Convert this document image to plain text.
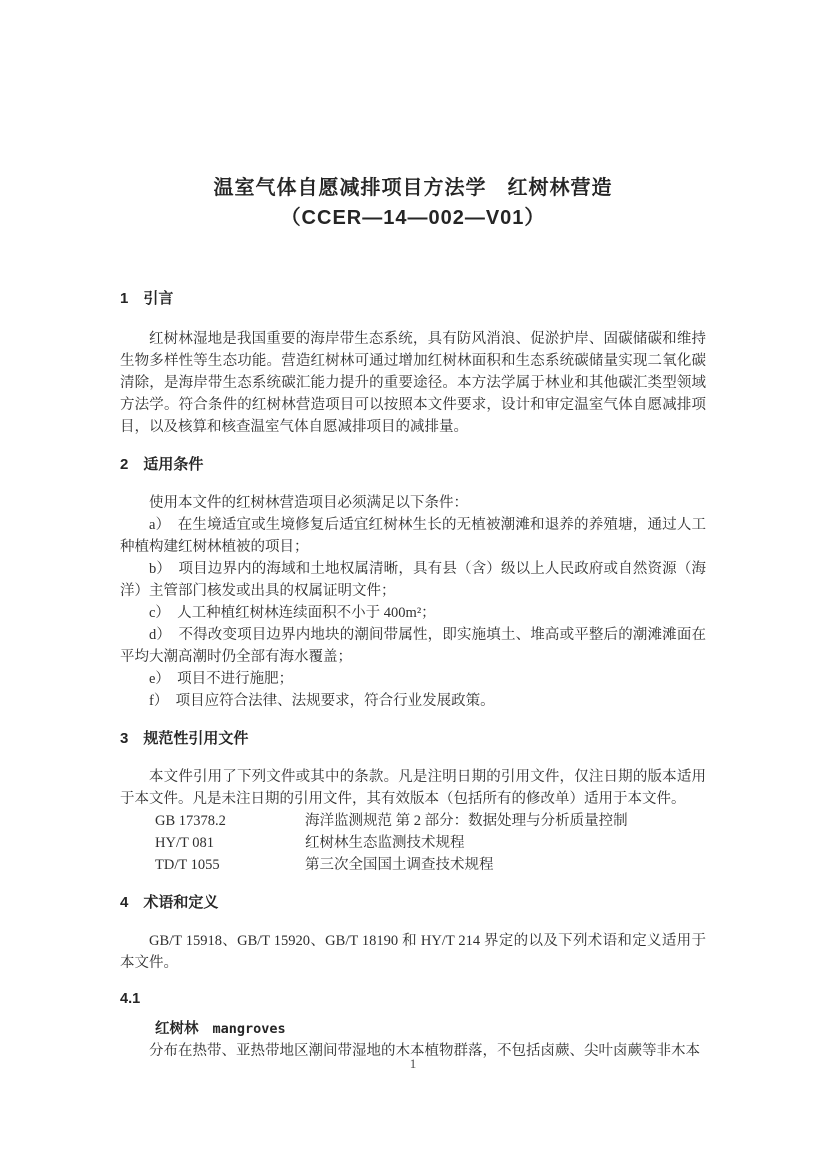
温室气体自愿减排项目方法学　红树林营造
（CCER—14—002—V01）
1 引言

红树林湿地是我国重要的海岸带生态系统，具有防风消浪、促淤护岸、固碳储碳和维持生物多样性等生态功能。营造红树林可通过增加红树林面积和生态系统碳储量实现二氧化碳清除，是海岸带生态系统碳汇能力提升的重要途径。本方法学属于林业和其他碳汇类型领域方法学。符合条件的红树林营造项目可以按照本文件要求，设计和审定温室气体自愿减排项目，以及核算和核查温室气体自愿减排项目的减排量。

2 适用条件

使用本文件的红树林营造项目必须满足以下条件：

a）　在生境适宜或生境修复后适宜红树林生长的无植被潮滩和退养的养殖塘，通过人工种植构建红树林植被的项目；

b）　项目边界内的海域和土地权属清晰，具有县（含）级以上人民政府或自然资源（海洋）主管部门核发或出具的权属证明文件；

c）　人工种植红树林连续面积不小于 400m²；

d）　不得改变项目边界内地块的潮间带属性，即实施填土、堆高或平整后的潮滩滩面在平均大潮高潮时仍全部有海水覆盖；

e）　项目不进行施肥；

f）　项目应符合法律、法规要求，符合行业发展政策。

3 规范性引用文件

本文件引用了下列文件或其中的条款。凡是注明日期的引用文件，仅注日期的版本适用于本文件。凡是未注日期的引用文件，其有效版本（包括所有的修改单）适用于本文件。

GB 17378.2	海洋监测规范 第 2 部分：数据处理与分析质量控制

HY/T 081	红树林生态监测技术规程

TD/T 1055	第三次全国国土调查技术规程

4 术语和定义

GB/T 15918、GB/T 15920、GB/T 18190 和 HY/T 214 界定的以及下列术语和定义适用于本文件。

4.1

红树林 mangroves

分布在热带、亚热带地区潮间带湿地的木本植物群落，不包括卤蕨、尖叶卤蕨等非木本

1
